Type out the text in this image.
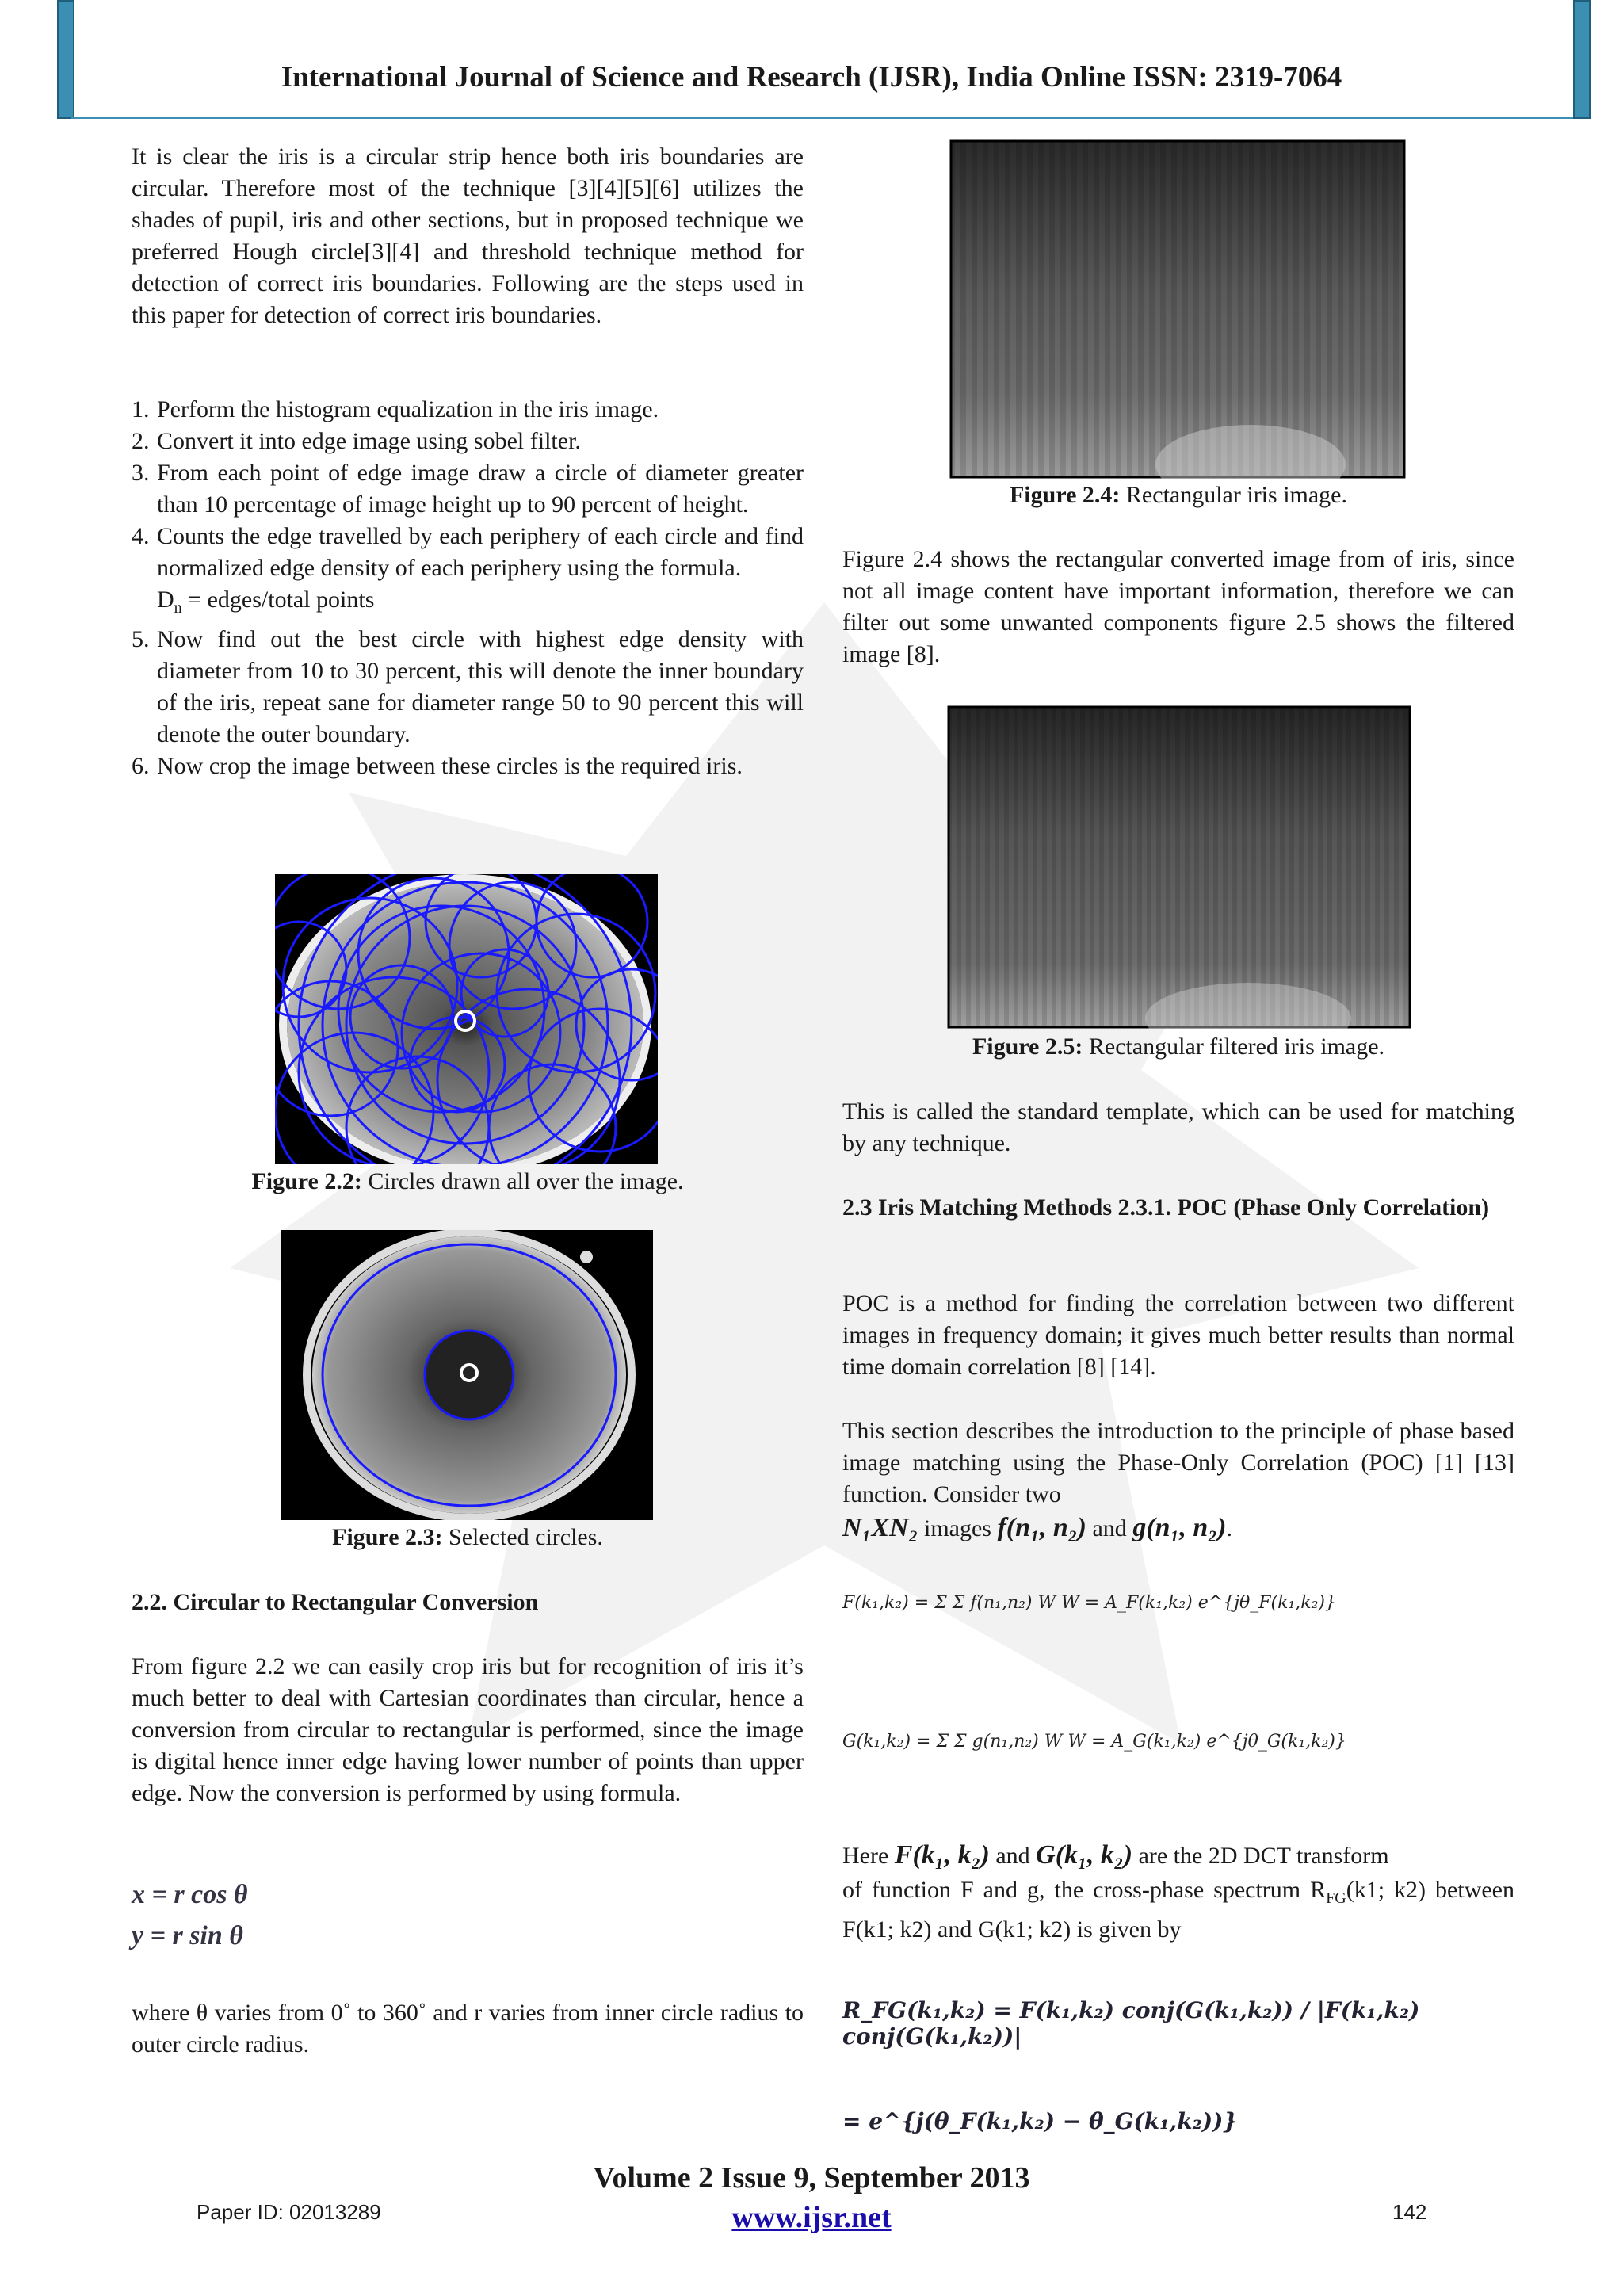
International Journal of Science and Research (IJSR), India Online ISSN: 2319-7064

It is clear the iris is a circular strip hence both iris boundaries are circular. Therefore most of the technique [3][4][5][6] utilizes the shades of pupil, iris and other sections, but in proposed technique we preferred Hough circle[3][4] and threshold technique method for detection of correct iris boundaries. Following are the steps used in this paper for detection of correct iris boundaries.

1. Perform the histogram equalization in the iris image.
2. Convert it into edge image using sobel filter.
3. From each point of edge image draw a circle of diameter greater than 10 percentage of image height up to 90 percent of height.
4. Counts the edge travelled by each periphery of each circle and find normalized edge density of each periphery using the formula.
$D_n$ = edges/total points
5. Now find out the best circle with highest edge density with diameter from 10 to 30 percent, this will denote the inner boundary of the iris, repeat sane for diameter range 50 to 90 percent this will denote the outer boundary.
6. Now crop the image between these circles is the required iris.
Figure 2.2: Circles drawn all over the image.
Figure 2.3: Selected circles.
2.2. Circular to Rectangular Conversion

From figure 2.2 we can easily crop iris but for recognition of iris it’s much better to deal with Cartesian coordinates than circular, hence a conversion from circular to rectangular is performed, since the image is digital hence inner edge having lower number of points than upper edge. Now the conversion is performed by using formula.

x = r cos θ
y = r sin θ

where θ varies from 0˚ to 360˚ and r varies from inner circle radius to outer circle radius.

Figure 2.4: Rectangular iris image.

Figure 2.4 shows the rectangular converted image from of iris, since not all image content have important information, therefore we can filter out some unwanted components figure 2.5 shows the filtered image [8].

Figure 2.5: Rectangular filtered iris image.

This is called the standard template, which can be used for matching by any technique.

2.3 Iris Matching Methods 2.3.1. POC (Phase Only Correlation)

POC is a method for finding the correlation between two different images in frequency domain; it gives much better results than normal time domain correlation [8] [14].

This section describes the introduction to the principle of phase based image matching using the Phase-Only Correlation (POC) [1] [13] function. Consider two

N₁XN₂ images f(n₁, n₂) and g(n₁, n₂).
F(k₁,k₂) = Σ Σ f(n₁,n₂) W W = A_F(k₁,k₂) e^{jθ_F(k₁,k₂)}
G(k₁,k₂) = Σ Σ g(n₁,n₂) W W = A_G(k₁,k₂) e^{jθ_G(k₁,k₂)}
Here F(k₁, k₂) and G(k₁, k₂) are the 2D DCT transform

of function F and g, the cross-phase spectrum $R_{FG}(k1$; k2) between F(k1; k2) and G(k1; k2) is given by

R_FG(k₁,k₂) = F(k₁,k₂) conj(G(k₁,k₂)) / |F(k₁,k₂) conj(G(k₁,k₂))|
= e^{j(θ_F(k₁,k₂) − θ_G(k₁,k₂))}
Volume 2 Issue 9, September 2013
www.ijsr.net
Paper ID: 02013289	142
